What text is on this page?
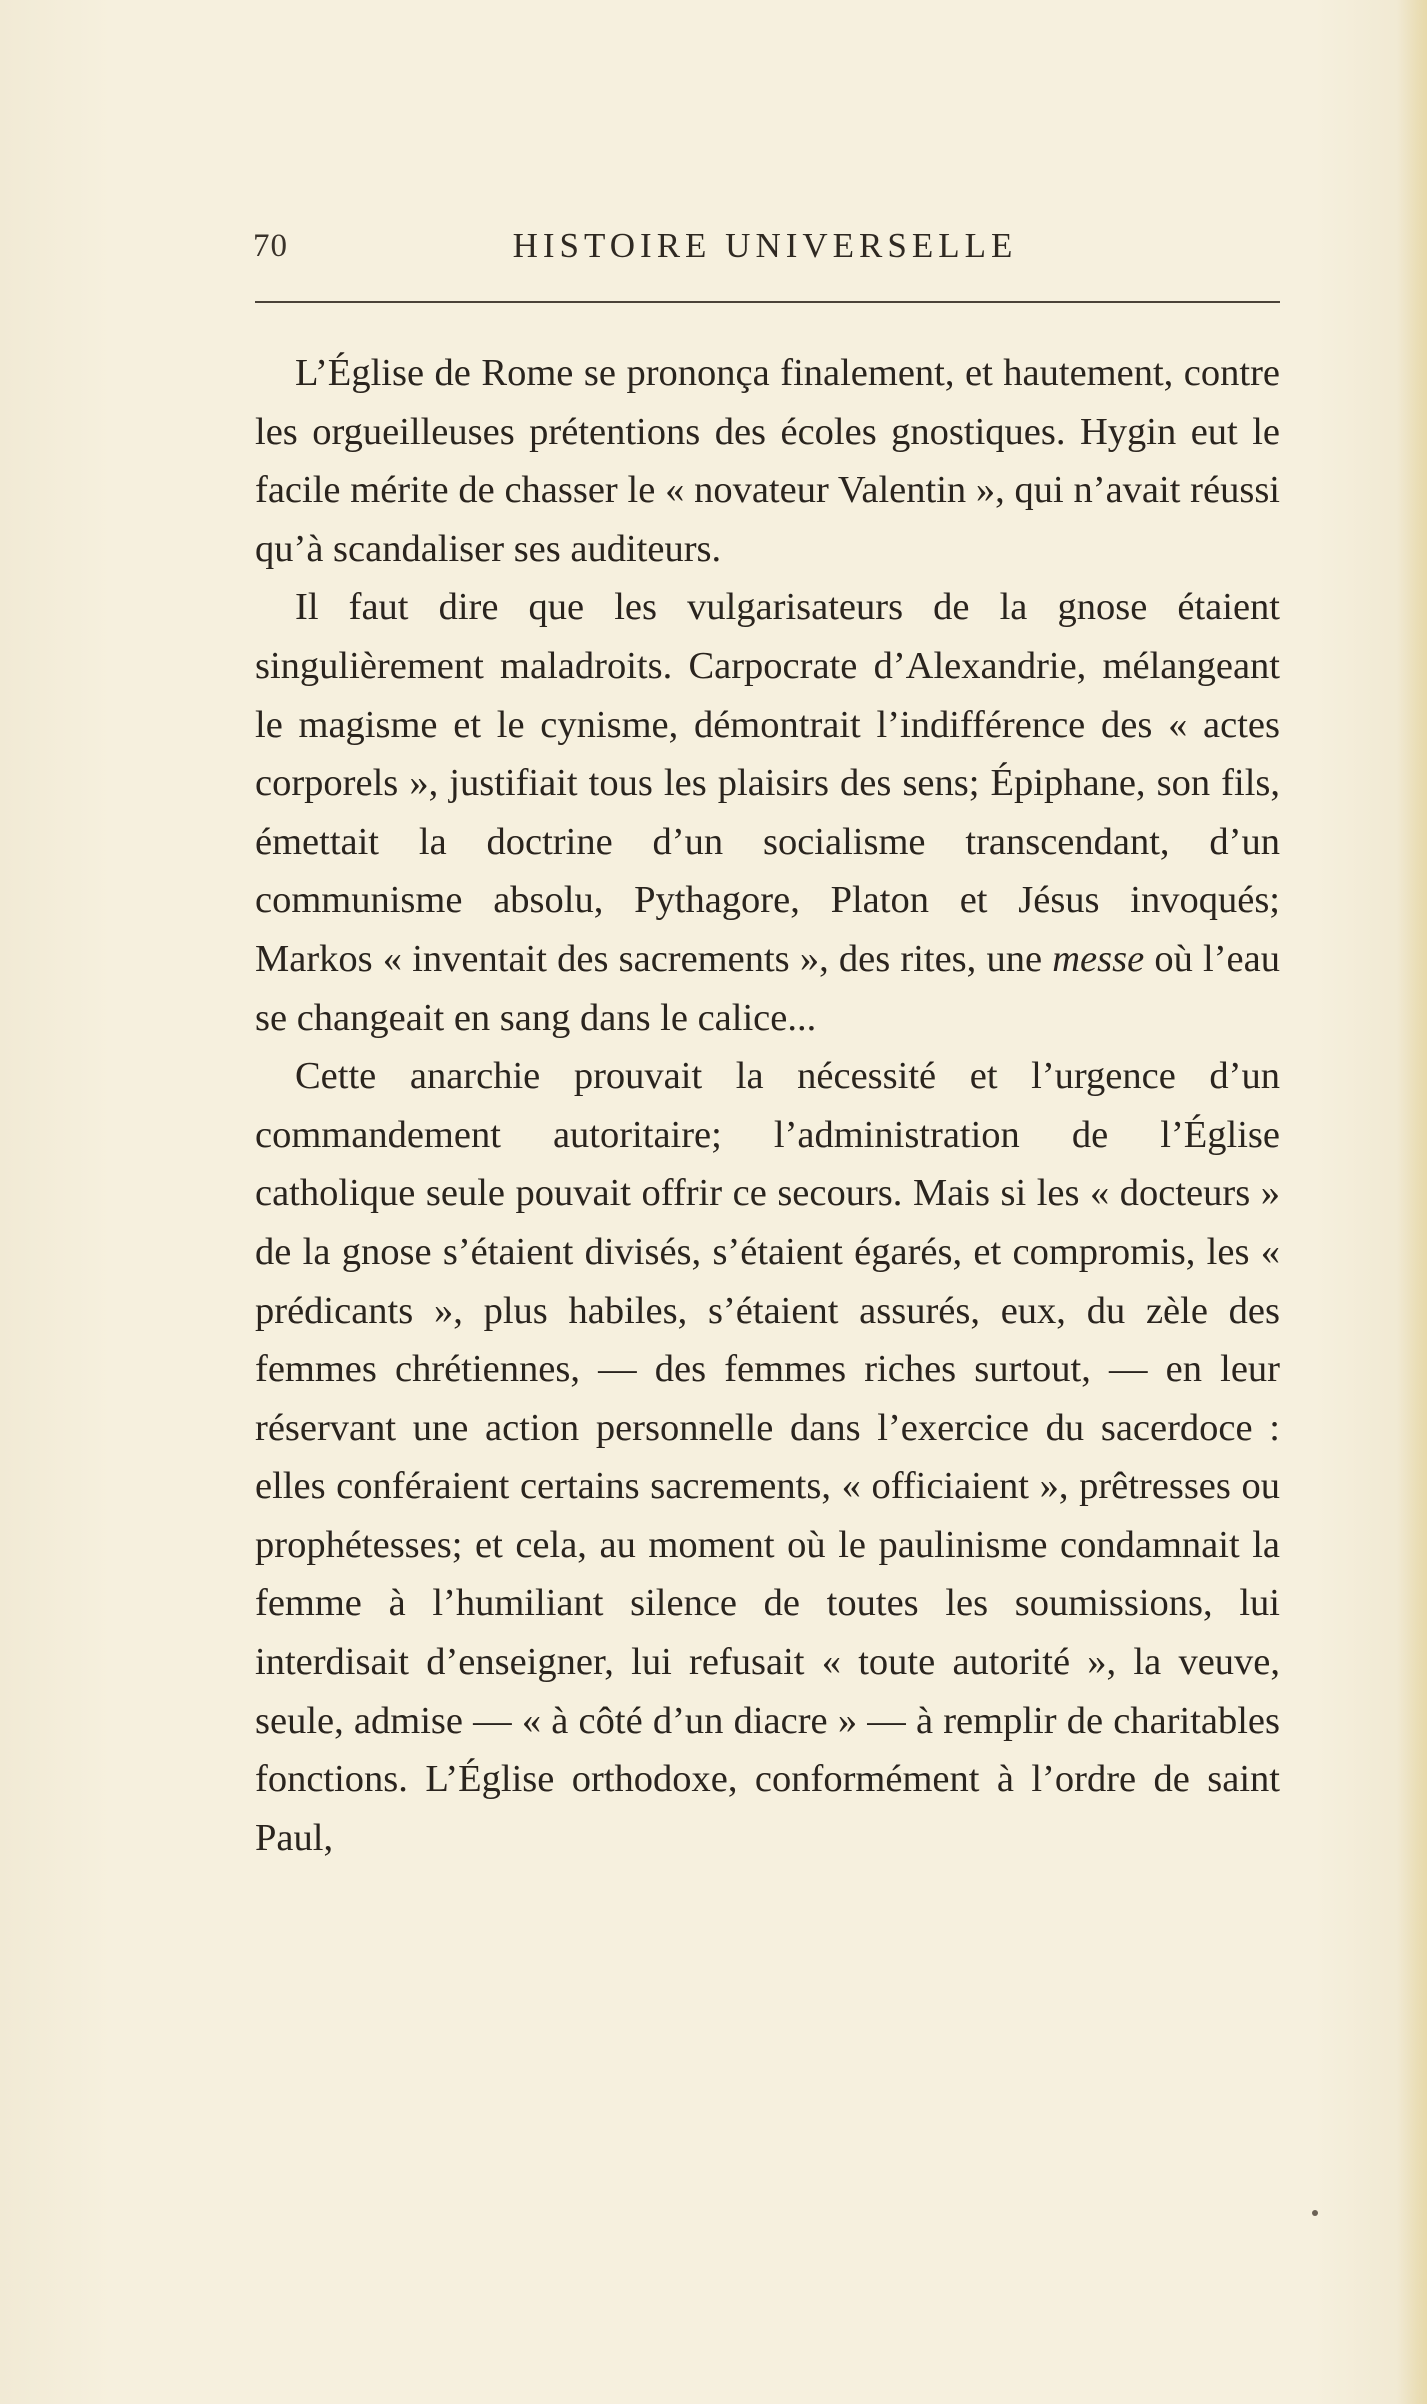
70	HISTOIRE UNIVERSELLE

L’Église de Rome se prononça finalement, et hautement, contre les orgueilleuses prétentions des écoles gnostiques. Hygin eut le facile mérite de chasser le « novateur Valentin », qui n’avait réussi qu’à scandaliser ses auditeurs.

Il faut dire que les vulgarisateurs de la gnose étaient singulièrement maladroits. Carpocrate d’Alexandrie, mélangeant le magisme et le cynisme, démontrait l’indifférence des « actes corporels », justifiait tous les plaisirs des sens; Épiphane, son fils, émettait la doctrine d’un socialisme transcendant, d’un communisme absolu, Pythagore, Platon et Jésus invoqués; Markos « inventait des sacrements », des rites, une messe où l’eau se changeait en sang dans le calice...

Cette anarchie prouvait la nécessité et l’urgence d’un commandement autoritaire; l’administration de l’Église catholique seule pouvait offrir ce secours. Mais si les « docteurs » de la gnose s’étaient divisés, s’étaient égarés, et compromis, les « prédicants », plus habiles, s’étaient assurés, eux, du zèle des femmes chrétiennes, — des femmes riches surtout, — en leur réservant une action personnelle dans l’exercice du sacerdoce : elles conféraient certains sacrements, « officiaient », prêtresses ou prophétesses; et cela, au moment où le paulinisme condamnait la femme à l’humiliant silence de toutes les soumissions, lui interdisait d’enseigner, lui refusait « toute autorité », la veuve, seule, admise — « à côté d’un diacre » — à remplir de charitables fonctions. L’Église orthodoxe, conformément à l’ordre de saint Paul,
